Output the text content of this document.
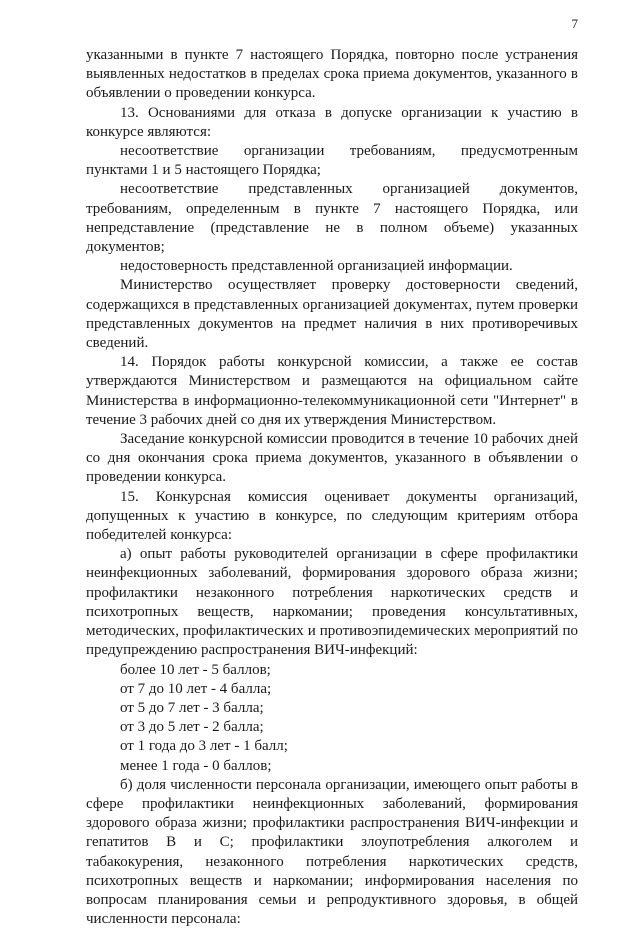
7

указанными в пункте 7 настоящего Порядка, повторно после устранения выявленных недостатков в пределах срока приема документов, указанного в объявлении о проведении конкурса.

13. Основаниями для отказа в допуске организации к участию в конкурсе являются:

несоответствие организации требованиям, предусмотренным пунктами 1 и 5 настоящего Порядка;

несоответствие представленных организацией документов, требованиям, определенным в пункте 7 настоящего Порядка, или непредставление (представление не в полном объеме) указанных документов;

недостоверность представленной организацией информации.

Министерство осуществляет проверку достоверности сведений, содержащихся в представленных организацией документах, путем проверки представленных документов на предмет наличия в них противоречивых сведений.

14. Порядок работы конкурсной комиссии, а также ее состав утверждаются Министерством и размещаются на официальном сайте Министерства в информационно-телекоммуникационной сети "Интернет" в течение 3 рабочих дней со дня их утверждения Министерством.

Заседание конкурсной комиссии проводится в течение 10 рабочих дней со дня окончания срока приема документов, указанного в объявлении о проведении конкурса.

15. Конкурсная комиссия оценивает документы организаций, допущенных к участию в конкурсе, по следующим критериям отбора победителей конкурса:

а) опыт работы руководителей организации в сфере профилактики неинфекционных заболеваний, формирования здорового образа жизни; профилактики незаконного потребления наркотических средств и психотропных веществ, наркомании; проведения консультативных, методических, профилактических и противоэпидемических мероприятий по предупреждению распространения ВИЧ-инфекций:

более 10 лет - 5 баллов;

от 7 до 10 лет - 4 балла;

от 5 до 7 лет - 3 балла;

от 3 до 5 лет - 2 балла;

от 1 года до 3 лет - 1 балл;

менее 1 года - 0 баллов;

б) доля численности персонала организации, имеющего опыт работы в сфере профилактики неинфекционных заболеваний, формирования здорового образа жизни; профилактики распространения ВИЧ-инфекции и гепатитов В и С; профилактики злоупотребления алкоголем и табакокурения, незаконного потребления наркотических средств, психотропных веществ и наркомании; информирования населения по вопросам планирования семьи и репродуктивного здоровья, в общей численности персонала:
